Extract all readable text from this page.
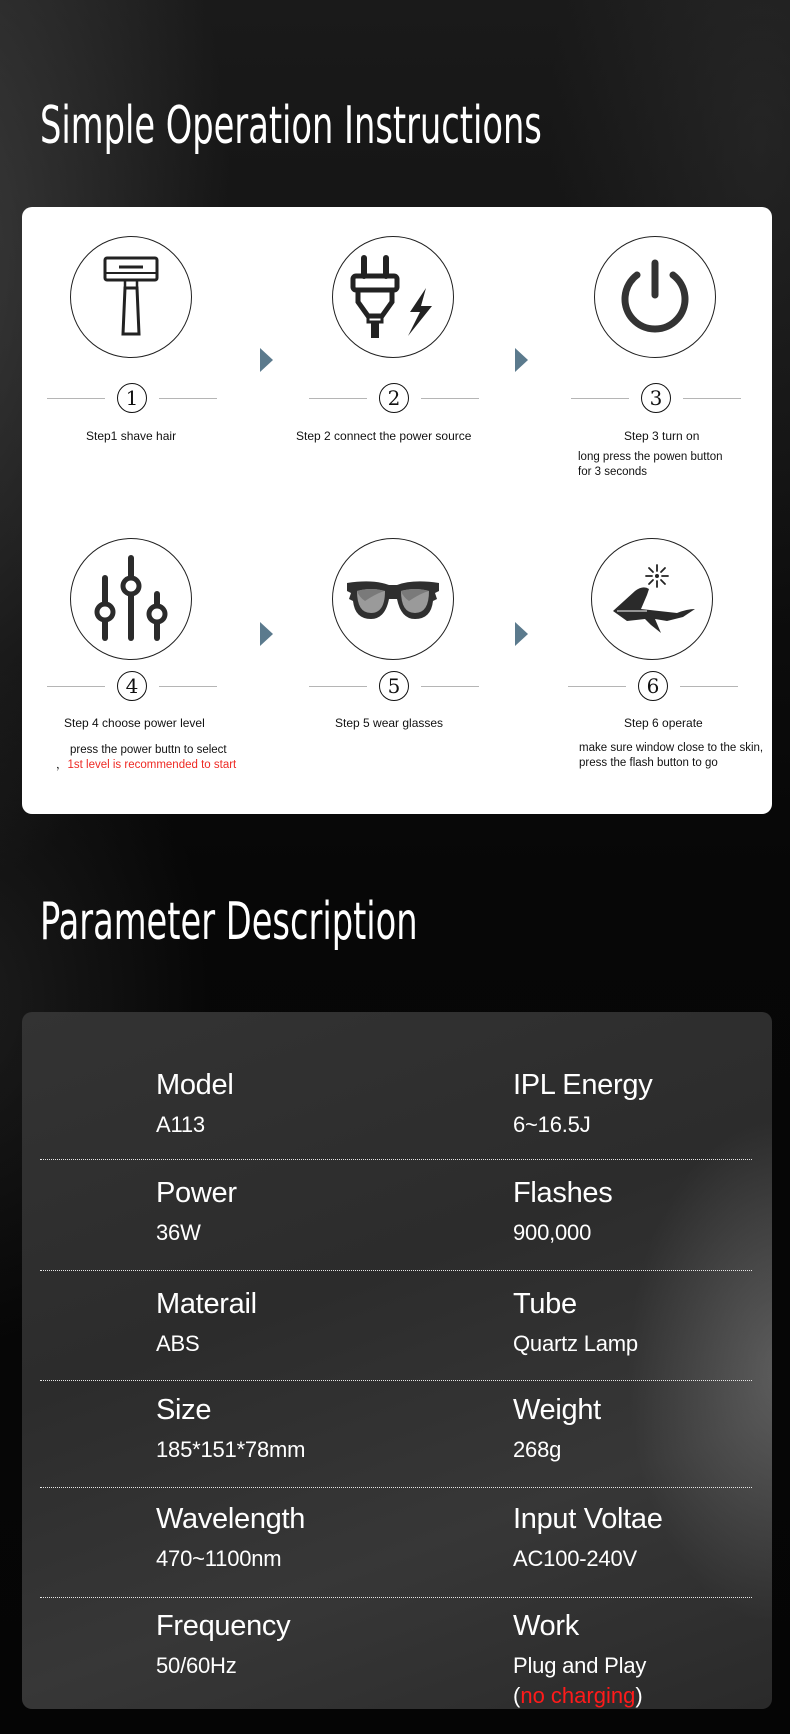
Simple Operation Instructions
1
Step1 shave hair
2
Step 2 connect the power source
3
Step 3 turn on
long press the powen button
for 3 seconds
4
Step 4 choose power level
press the power buttn to select
，1st level is recommended to start
5
Step 5 wear glasses
6
Step 6 operate
make sure window close to the skin,
press the flash button to go
Parameter Description
Model
A113
IPL Energy
6~16.5J
Power
36W
Flashes
900,000
Materail
ABS
Tube
Quartz Lamp
Size
185*151*78mm
Weight
268g
Wavelength
470~1100nm
Input Voltae
AC100-240V
Frequency
50/60Hz
Work
Plug and Play
(no charging)
